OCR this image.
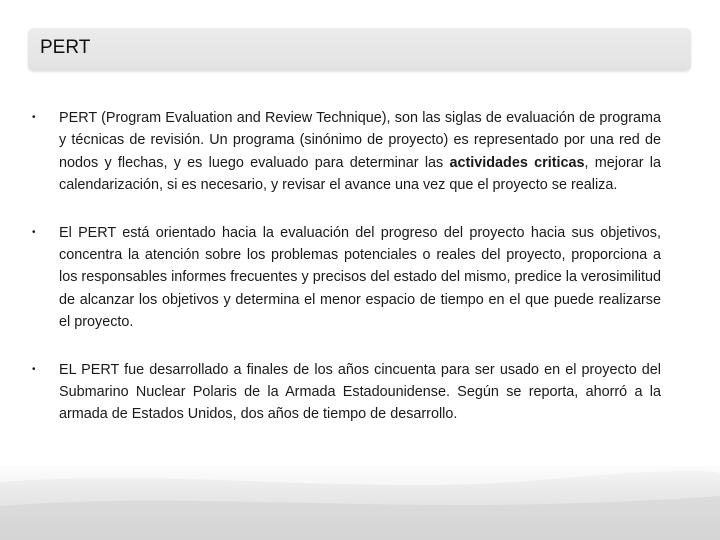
PERT
• PERT (Program Evaluation and Review Technique), son las siglas de evaluación de programa y técnicas de revisión. Un programa (sinónimo de proyecto) es representado por una red de nodos y flechas, y es luego evaluado para determinar las actividades criticas, mejorar la calendarización, si es necesario, y revisar el avance una vez que el proyecto se realiza.
• El PERT está orientado hacia la evaluación del progreso del proyecto hacia sus objetivos, concentra la atención sobre los problemas potenciales o reales del proyecto, proporciona a los responsables informes frecuentes y precisos del estado del mismo, predice la verosimilitud de alcanzar los objetivos y determina el menor espacio de tiempo en el que puede realizarse el proyecto.
• EL PERT fue desarrollado a finales de los años cincuenta para ser usado en el proyecto del Submarino Nuclear Polaris de la Armada Estadounidense. Según se reporta, ahorró a la armada de Estados Unidos, dos años de tiempo de desarrollo.
